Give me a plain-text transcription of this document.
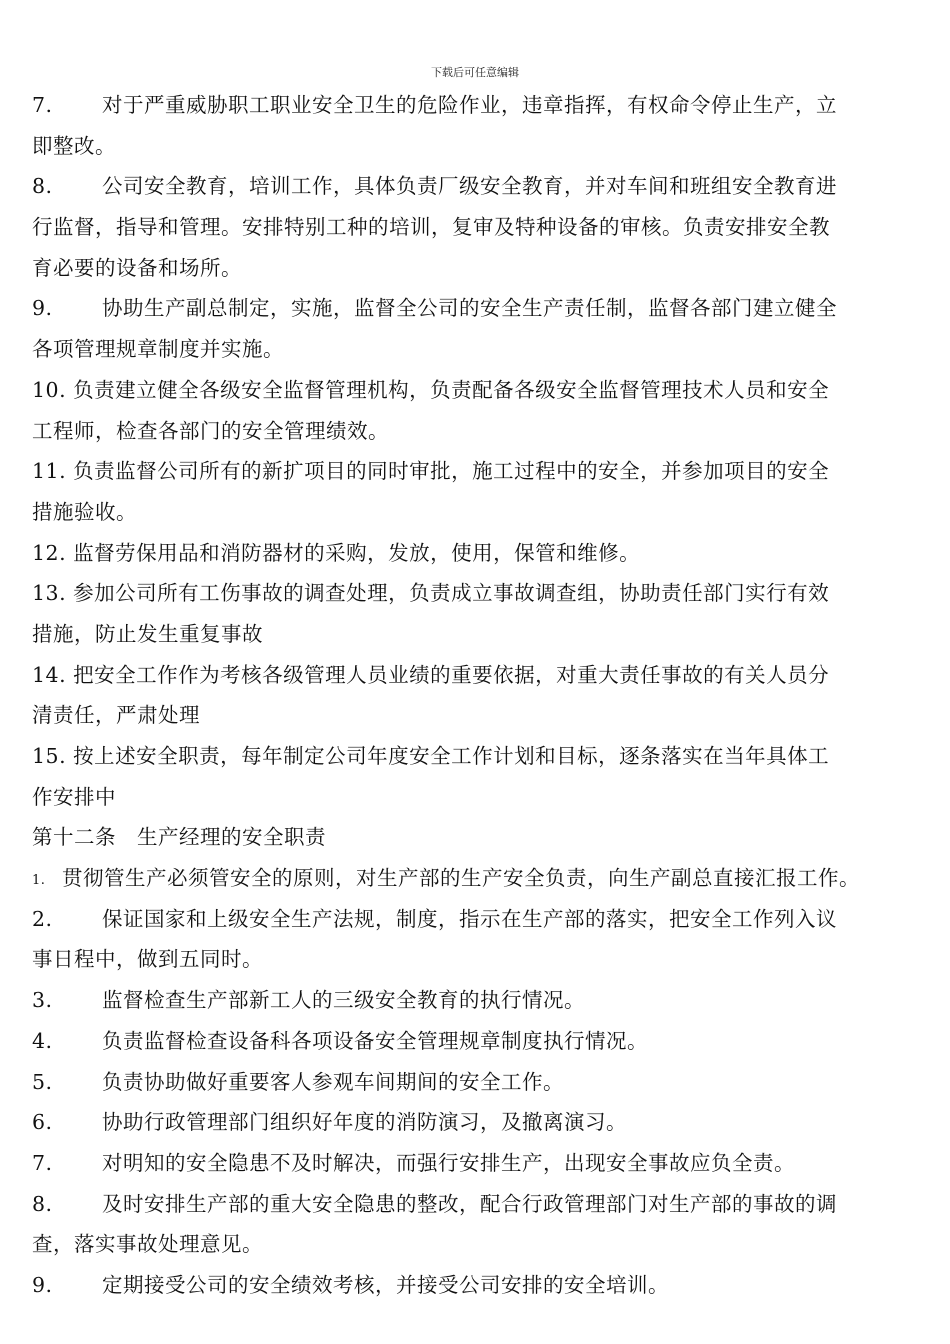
下载后可任意编辑
7. 对于严重威胁职工职业安全卫生的危险作业，违章指挥，有权命令停止生产，立
即整改。
8. 公司安全教育，培训工作，具体负责厂级安全教育，并对车间和班组安全教育进
行监督，指导和管理。安排特别工种的培训，复审及特种设备的审核。负责安排安全教
育必要的设备和场所。
9. 协助生产副总制定，实施，监督全公司的安全生产责任制，监督各部门建立健全
各项管理规章制度并实施。
10. 负责建立健全各级安全监督管理机构，负责配备各级安全监督管理技术人员和安全
工程师，检查各部门的安全管理绩效。
11. 负责监督公司所有的新扩项目的同时审批，施工过程中的安全，并参加项目的安全
措施验收。
12. 监督劳保用品和消防器材的采购，发放，使用，保管和维修。
13. 参加公司所有工伤事故的调查处理，负责成立事故调查组，协助责任部门实行有效
措施，防止发生重复事故
14. 把安全工作作为考核各级管理人员业绩的重要依据，对重大责任事故的有关人员分
清责任，严肃处理
15. 按上述安全职责，每年制定公司年度安全工作计划和目标，逐条落实在当年具体工
作安排中
第十二条　生产经理的安全职责
1. 贯彻管生产必须管安全的原则，对生产部的生产安全负责，向生产副总直接汇报工作。
2. 保证国家和上级安全生产法规，制度，指示在生产部的落实，把安全工作列入议
事日程中，做到五同时。
3. 监督检查生产部新工人的三级安全教育的执行情况。
4. 负责监督检查设备科各项设备安全管理规章制度执行情况。
5. 负责协助做好重要客人参观车间期间的安全工作。
6. 协助行政管理部门组织好年度的消防演习，及撤离演习。
7. 对明知的安全隐患不及时解决，而强行安排生产，出现安全事故应负全责。
8. 及时安排生产部的重大安全隐患的整改，配合行政管理部门对生产部的事故的调
查，落实事故处理意见。
9. 定期接受公司的安全绩效考核，并接受公司安排的安全培训。
